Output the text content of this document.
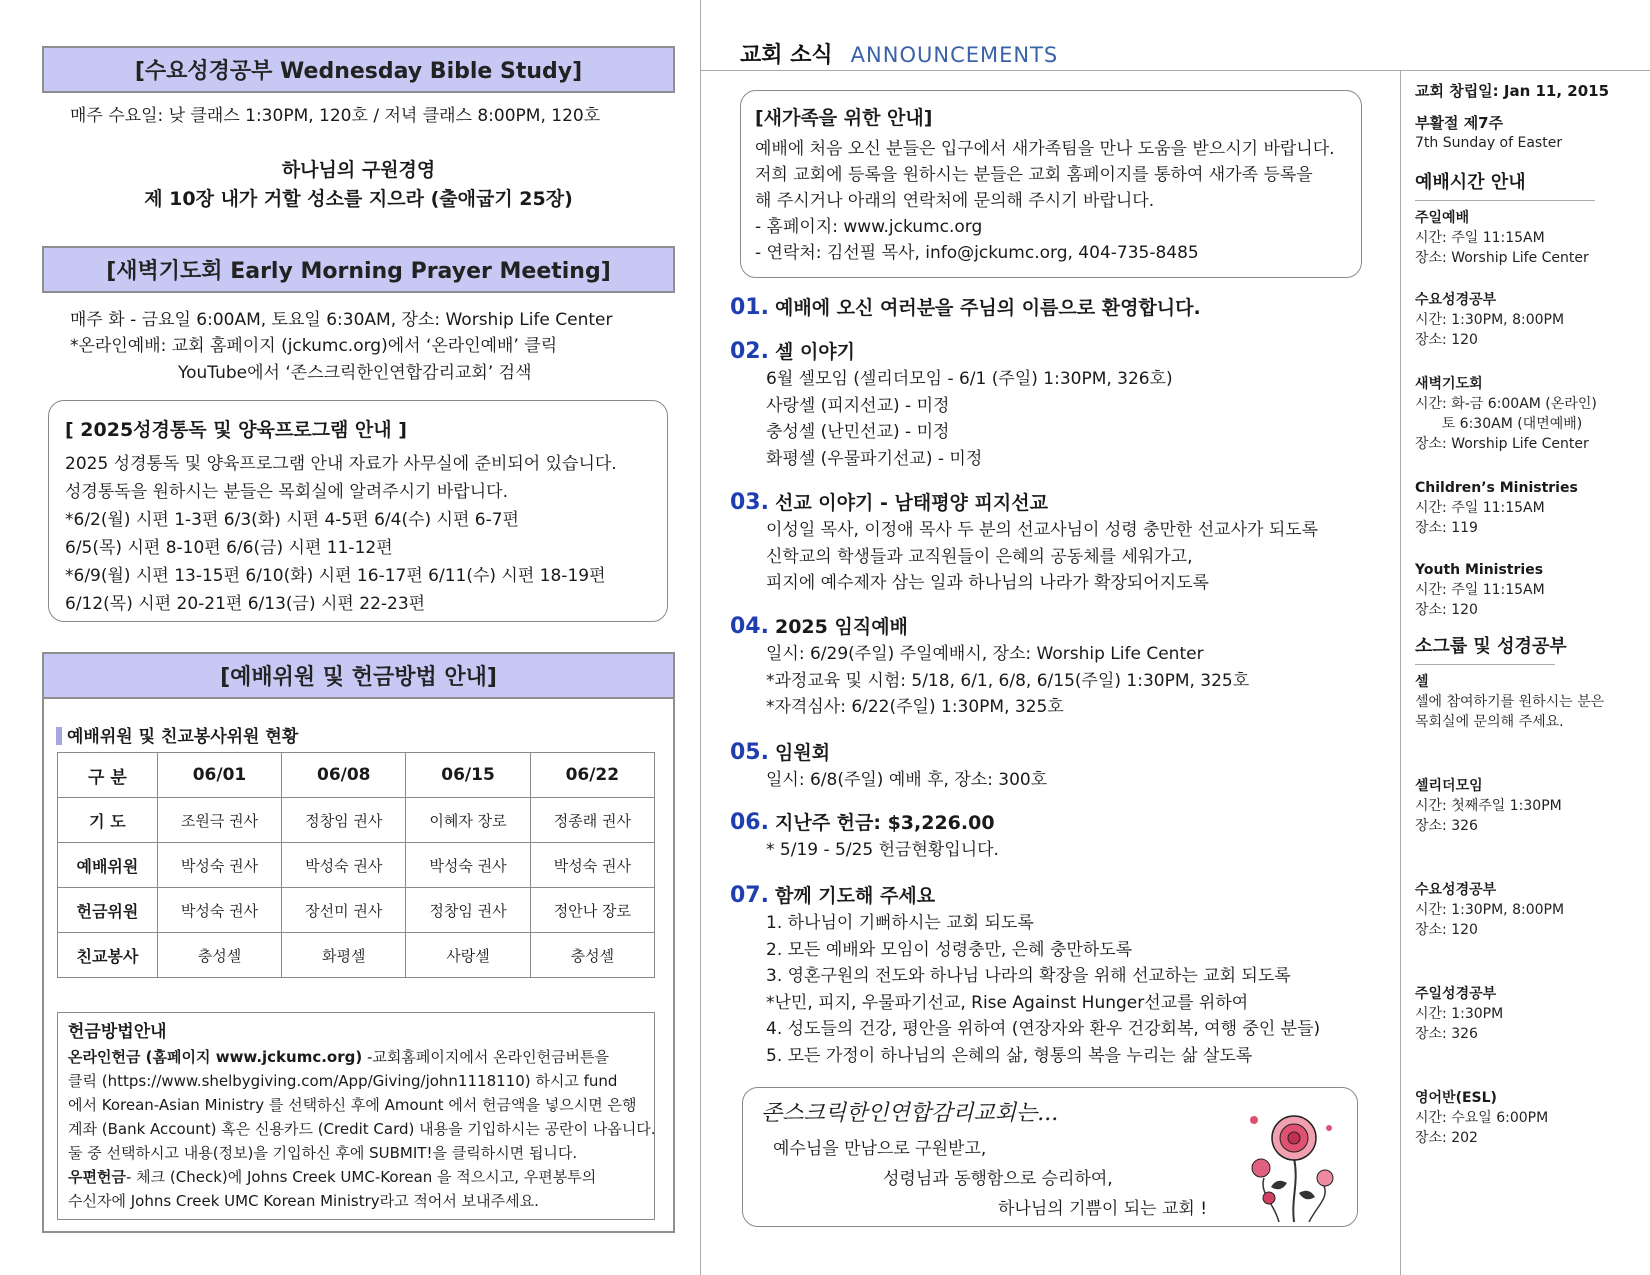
[수요성경공부 Wednesday Bible Study]
매주 수요일: 낮 클래스 1:30PM, 120호 / 저녁 클래스 8:00PM, 120호
하나님의 구원경영
제 10장 내가 거할 성소를 지으라 (출애굽기 25장)
[새벽기도회 Early Morning Prayer Meeting]
매주 화 - 금요일 6:00AM, 토요일 6:30AM, 장소: Worship Life Center
*온라인예배: 교회 홈페이지 (jckumc.org)에서 ‘온라인예배’ 클릭
YouTube에서 ‘존스크릭한인연합감리교회’ 검색
[ 2025성경통독 및 양육프로그램 안내 ]
2025 성경통독 및 양육프로그램 안내 자료가 사무실에 준비되어 있습니다.
성경통독을 원하시는 분들은 목회실에 알려주시기 바랍니다.
*6/2(월) 시편 1-3편 6/3(화) 시편 4-5편 6/4(수) 시편 6-7편
6/5(목) 시편 8-10편 6/6(금) 시편 11-12편
*6/9(월) 시편 13-15편 6/10(화) 시편 16-17편 6/11(수) 시편 18-19편
6/12(목) 시편 20-21편 6/13(금) 시편 22-23편
[예배위원 및 헌금방법 안내]
예배위원 및 친교봉사위원 현황
구 분	06/01	06/08	06/15	06/22
기 도	조원극 권사	정창임 권사	이혜자 장로	정종래 권사
예배위원	박성숙 권사	박성숙 권사	박성숙 권사	박성숙 권사
헌금위원	박성숙 권사	장선미 권사	정창임 권사	정안나 장로
친교봉사	충성셀	화평셀	사랑셀	충성셀
헌금방법안내
온라인헌금 (홈페이지 www.jckumc.org) -교회홈페이지에서 온라인헌금버튼을
클릭 (https://www.shelbygiving.com/App/Giving/john1118110) 하시고 fund
에서 Korean-Asian Ministry 를 선택하신 후에 Amount 에서 헌금액을 넣으시면 은행
계좌 (Bank Account) 혹은 신용카드 (Credit Card) 내용을 기입하시는 공란이 나옵니다.
둘 중 선택하시고 내용(정보)을 기입하신 후에 SUBMIT!을 클릭하시면 됩니다.
우편헌금- 체크 (Check)에 Johns Creek UMC-Korean 을 적으시고, 우편봉투의
수신자에 Johns Creek UMC Korean Ministry라고 적어서 보내주세요.
교회 소식 ANNOUNCEMENTS
[새가족을 위한 안내]
예배에 처음 오신 분들은 입구에서 새가족팀을 만나 도움을 받으시기 바랍니다.
저희 교회에 등록을 원하시는 분들은 교회 홈페이지를 통하여 새가족 등록을
해 주시거나 아래의 연락처에 문의해 주시기 바랍니다.
- 홈페이지: www.jckumc.org
- 연락처: 김선필 목사, info@jckumc.org, 404-735-8485
01. 예배에 오신 여러분을 주님의 이름으로 환영합니다.
02. 셀 이야기
6월 셀모임 (셀리더모임 - 6/1 (주일) 1:30PM, 326호)
사랑셀 (피지선교) - 미정
충성셀 (난민선교) - 미정
화평셀 (우물파기선교) - 미정
03. 선교 이야기 - 남태평양 피지선교
이성일 목사, 이정애 목사 두 분의 선교사님이 성령 충만한 선교사가 되도록
신학교의 학생들과 교직원들이 은혜의 공동체를 세워가고,
피지에 예수제자 삼는 일과 하나님의 나라가 확장되어지도록
04. 2025 임직예배
일시: 6/29(주일) 주일예배시, 장소: Worship Life Center
*과정교육 및 시험: 5/18, 6/1, 6/8, 6/15(주일) 1:30PM, 325호
*자격심사: 6/22(주일) 1:30PM, 325호
05. 임원회
일시: 6/8(주일) 예배 후, 장소: 300호
06. 지난주 헌금: $3,226.00
* 5/19 - 5/25 헌금현황입니다.
07. 함께 기도해 주세요
1. 하나님이 기뻐하시는 교회 되도록
2. 모든 예배와 모임이 성령충만, 은혜 충만하도록
3. 영혼구원의 전도와 하나님 나라의 확장을 위해 선교하는 교회 되도록
*난민, 피지, 우물파기선교, Rise Against Hunger선교를 위하여
4. 성도들의 건강, 평안을 위하여 (연장자와 환우 건강회복, 여행 중인 분들)
5. 모든 가정이 하나님의 은혜의 삶, 형통의 복을 누리는 삶 살도록
존스크릭한인연합감리교회는...
예수님을 만남으로 구원받고,
성령님과 동행함으로 승리하여,
하나님의 기쁨이 되는 교회 !
교회 창립일: Jan 11, 2015
부활절 제7주
7th Sunday of Easter
예배시간 안내
주일예배
시간: 주일 11:15AM
장소: Worship Life Center
수요성경공부
시간: 1:30PM, 8:00PM
장소: 120
새벽기도회
시간: 화-금 6:00AM (온라인)
토 6:30AM (대면예배)
장소: Worship Life Center
Children’s Ministries
시간: 주일 11:15AM
장소: 119
Youth Ministries
시간: 주일 11:15AM
장소: 120
소그룹 및 성경공부
셀
셀에 참여하기를 원하시는 분은
목회실에 문의해 주세요.
셀리더모임
시간: 첫째주일 1:30PM
장소: 326
수요성경공부
시간: 1:30PM, 8:00PM
장소: 120
주일성경공부
시간: 1:30PM
장소: 326
영어반(ESL)
시간: 수요일 6:00PM
장소: 202
